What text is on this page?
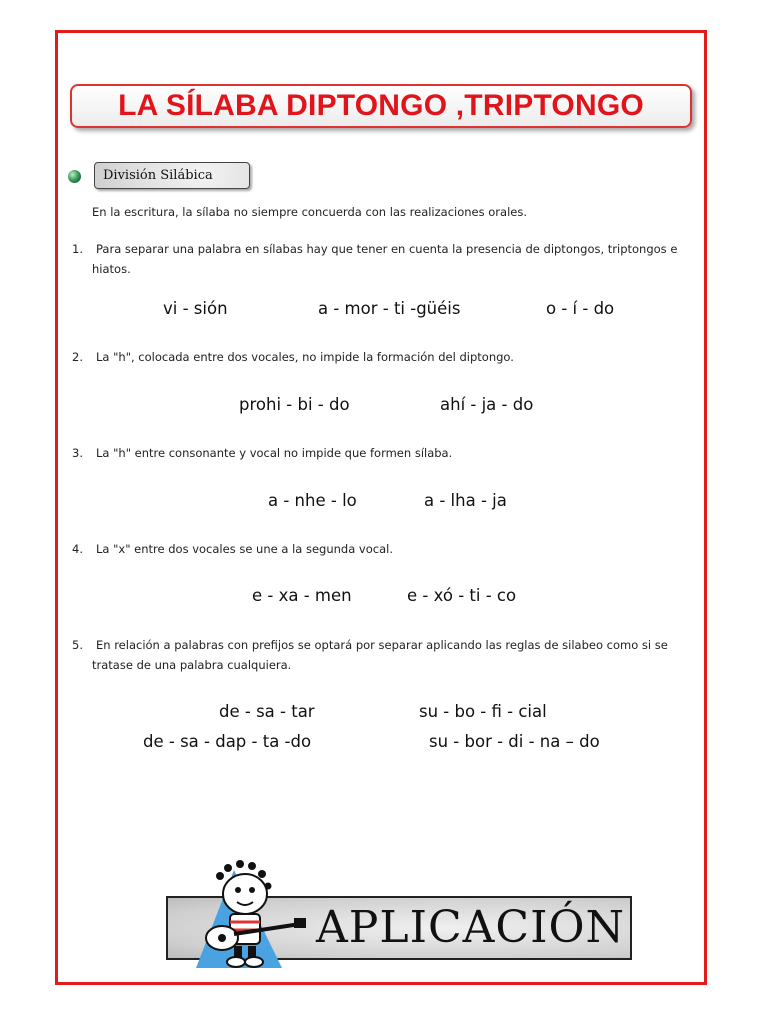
LA SÍLABA DIPTONGO ,TRIPTONGO
División Silábica
En la escritura, la sílaba no siempre concuerda con las realizaciones orales.
1. Para separar una palabra en sílabas hay que tener en cuenta la presencia de diptongos, triptongos e
hiatos.
vi - sión	a - mor - ti -güéis	o - í - do
2. La "h", colocada entre dos vocales, no impide la formación del diptongo.
prohi - bi - do	ahí - ja - do
3. La "h" entre consonante y vocal no impide que formen sílaba.
a - nhe - lo	a - lha - ja
4. La "x" entre dos vocales se une a la segunda vocal.
e - xa - men	e - xó - ti - co
5. En relación a palabras con prefijos se optará por separar aplicando las reglas de silabeo como si se
tratase de una palabra cualquiera.
de - sa - tar	su - bo - fi - cial
de - sa - dap - ta -do	su - bor - di - na – do
APLICACIÓN
